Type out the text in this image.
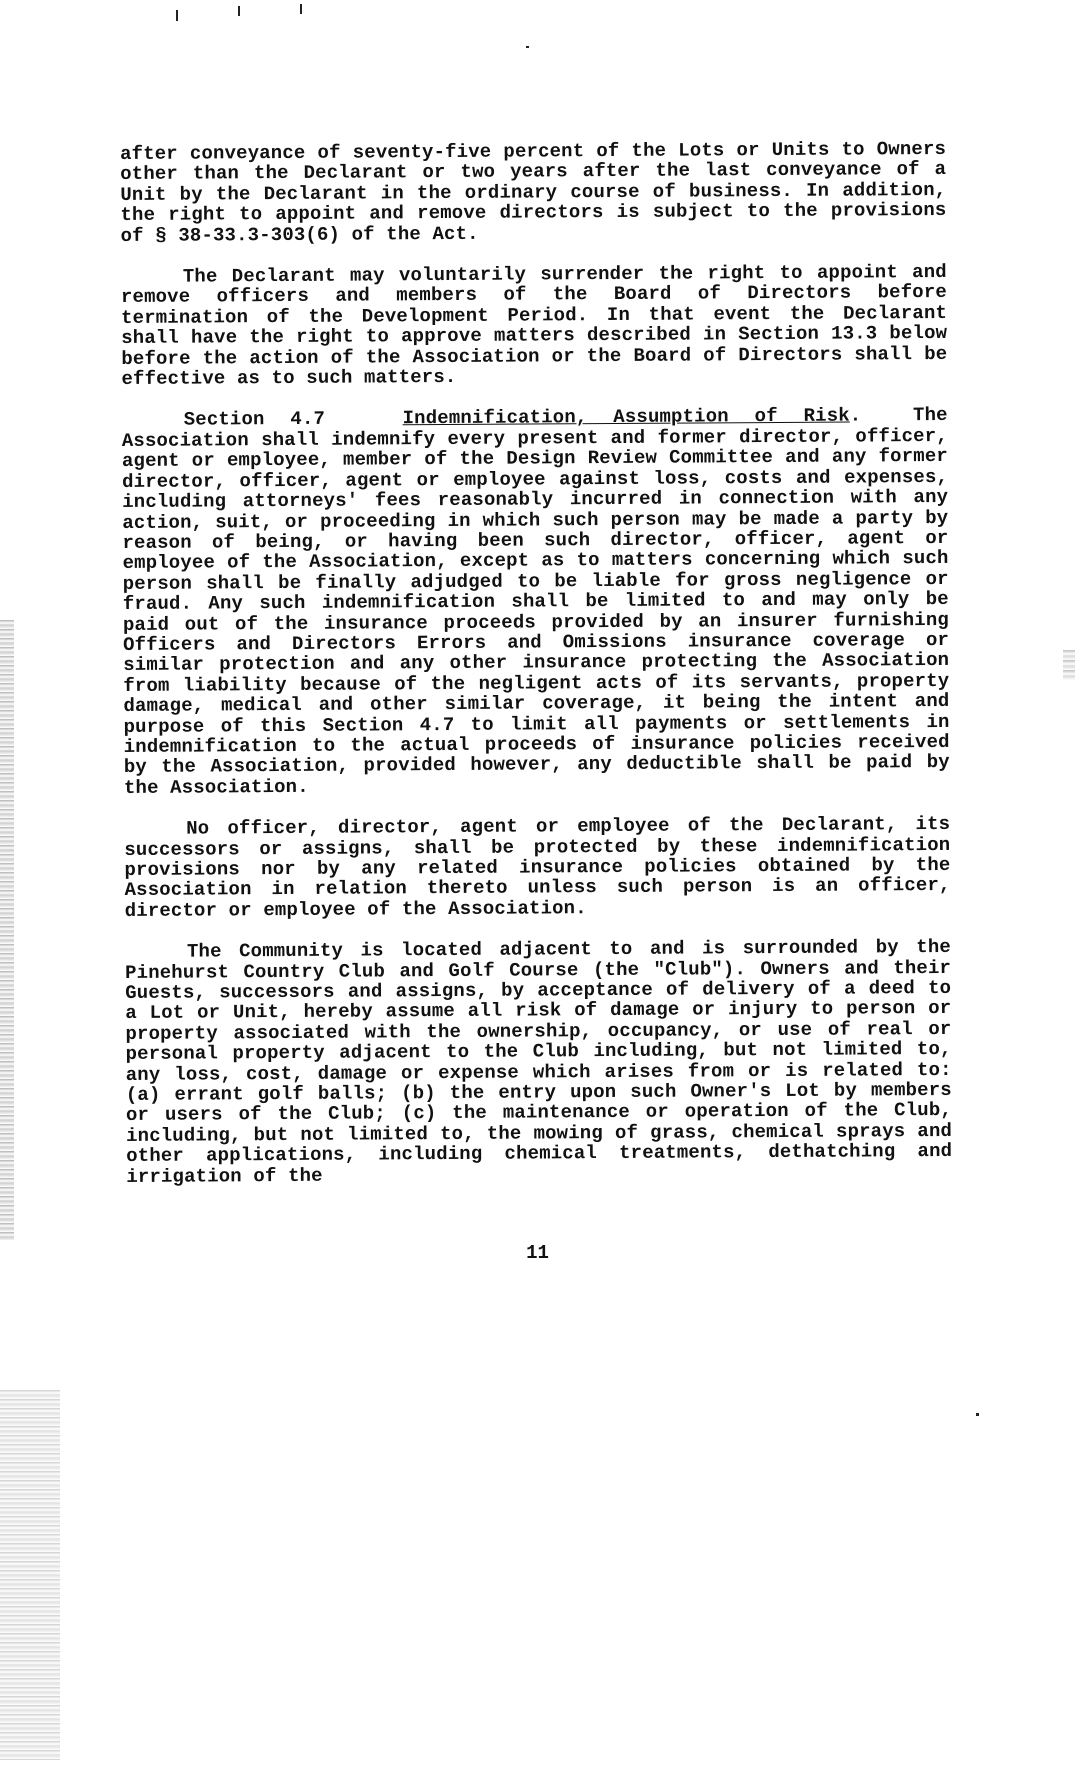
after conveyance of seventy-five percent of the Lots or Units to Owners other than the Declarant or two years after the last conveyance of a Unit by the Declarant in the ordinary course of business. In addition, the right to appoint and remove directors is subject to the provisions of § 38-33.3-303(6) of the Act.

The Declarant may voluntarily surrender the right to appoint and remove officers and members of the Board of Directors before termination of the Development Period. In that event the Declarant shall have the right to approve matters described in Section 13.3 below before the action of the Association or the Board of Directors shall be effective as to such matters.

Section 4.7	Indemnification, Assumption of Risk.  The Association shall indemnify every present and former director, officer, agent or employee, member of the Design Review Committee and any former director, officer, agent or employee against loss, costs and expenses, including attorneys' fees reasonably incurred in connection with any action, suit, or proceeding in which such person may be made a party by reason of being, or having been such director, officer, agent or employee of the Association, except as to matters concerning which such person shall be finally adjudged to be liable for gross negligence or fraud. Any such indemnification shall be limited to and may only be paid out of the insurance proceeds provided by an insurer furnishing Officers and Directors Errors and Omissions insurance coverage or similar protection and any other insurance protecting the Association from liability because of the negligent acts of its servants, property damage, medical and other similar coverage, it being the intent and purpose of this Section 4.7 to limit all payments or settlements in indemnification to the actual proceeds of insurance policies received by the Association, provided however, any deductible shall be paid by the Association.

No officer, director, agent or employee of the Declarant, its successors or assigns, shall be protected by these indemnification provisions nor by any related insurance policies obtained by the Association in relation thereto unless such person is an officer, director or employee of the Association.

The Community is located adjacent to and is surrounded by the Pinehurst Country Club and Golf Course (the "Club"). Owners and their Guests, successors and assigns, by acceptance of delivery of a deed to a Lot or Unit, hereby assume all risk of damage or injury to person or property associated with the ownership, occupancy, or use of real or personal property adjacent to the Club including, but not limited to, any loss, cost, damage or expense which arises from or is related to: (a) errant golf balls; (b) the entry upon such Owner's Lot by members or users of the Club; (c) the maintenance or operation of the Club, including, but not limited to, the mowing of grass, chemical sprays and other applications, including chemical treatments, dethatching and irrigation of the

11
